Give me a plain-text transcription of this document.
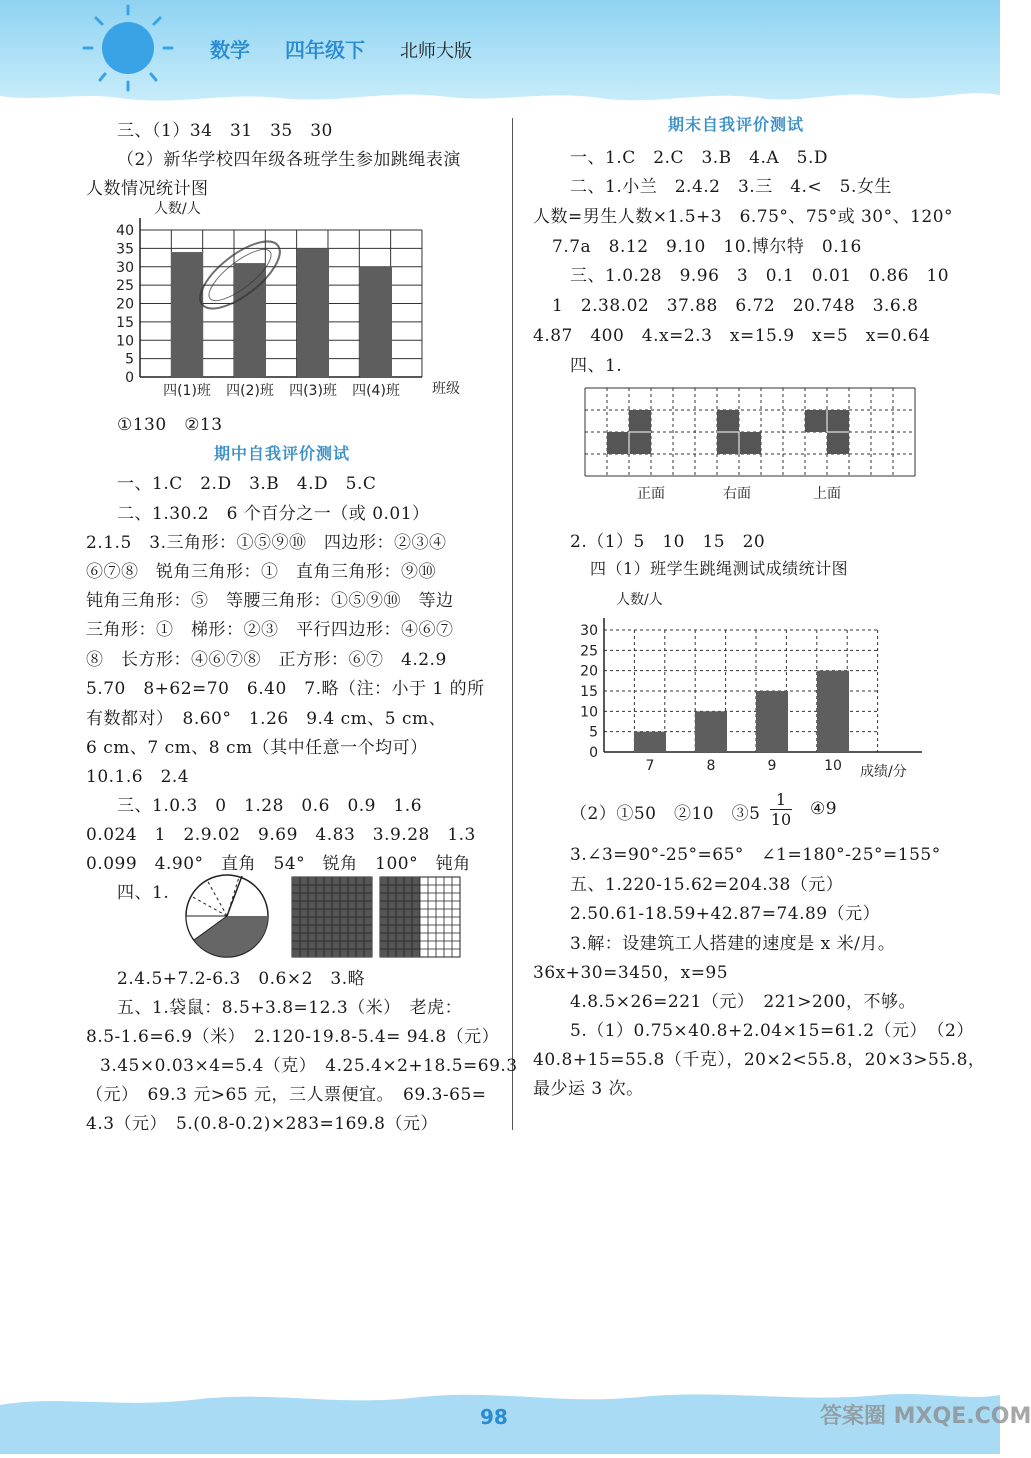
数学 四年级下 北师大版
三、（1）34　31　35　30
（2）新华学校四年级各班学生参加跳绳表演
人数情况统计图
人数/人
班级
0
5
10
15
20
25
30
35
40
四(1)班 四(2)班 四(3)班 四(4)班
①130　②13
期中自我评价测试
一、1.C　2.D　3.B　4.D　5.C
二、1.30.2　6 个百分之一（或 0.01）
2.1.5　3.三角形：①⑤⑨⑩　四边形：②③④
⑥⑦⑧　锐角三角形：①　直角三角形：⑨⑩
钝角三角形：⑤　等腰三角形：①⑤⑨⑩　等边
三角形：①　梯形：②③　平行四边形：④⑥⑦
⑧　长方形：④⑥⑦⑧　正方形：⑥⑦　4.2.9
5.70　8+62=70　6.40　7.略（注：小于 1 的所
有数都对）　8.60°　1.26　9.4 cm、5 cm、
6 cm、7 cm、8 cm（其中任意一个均可）
10.1.6　2.4
三、1.0.3　0　1.28　0.6　0.9　1.6
0.024　1　2.9.02　9.69　4.83　3.9.28　1.3
0.099　4.90°　直角　54°　锐角　100°　钝角
四、1.
2.4.5+7.2-6.3　0.6×2　3.略
五、1.袋鼠：8.5+3.8=12.3（米）　老虎：
8.5-1.6=6.9（米）　2.120-19.8-5.4= 94.8（元）
3.45×0.03×4=5.4（克）　4.25.4×2+18.5=69.3
（元）　69.3 元>65 元，三人票便宜。　69.3-65=
4.3（元）　5.(0.8-0.2)×283=169.8（元）
期末自我评价测试
一、1.C　2.C　3.B　4.A　5.D
二、1.小兰　2.4.2　3.三　4.<　5.女生
人数=男生人数×1.5+3　6.75°、75°或 30°、120°
7.7a　8.12　9.10　10.博尔特　0.16
三、1.0.28　9.96　3　0.1　0.01　0.86　10
1　2.38.02　37.88　6.72　20.748　3.6.8
4.87　400　4.x=2.3　x=15.9　x=5　x=0.64
四、1.
正面	右面	上面
2.（1）5　10　15　20
四（1）班学生跳绳测试成绩统计图
人数/人
成绩/分
0
5
10
15
20
25
30
7	8	9	10
（2）①50　②10　③5 $\frac{1}{10}$ ④9
3.∠3=90°-25°=65°　∠1=180°-25°=155°
五、1.220-15.62=204.38（元）
2.50.61-18.59+42.87=74.89（元）
3.解：设建筑工人搭建的速度是 x 米/月。
36x+30=3450，x=95
4.8.5×26=221（元）　221>200，不够。
5.（1）0.75×40.8+2.04×15=61.2（元）　（2）
40.8+15=55.8（千克），20×2<55.8，20×3>55.8，
最少运 3 次。
98	答案圈 MXQE.COM
